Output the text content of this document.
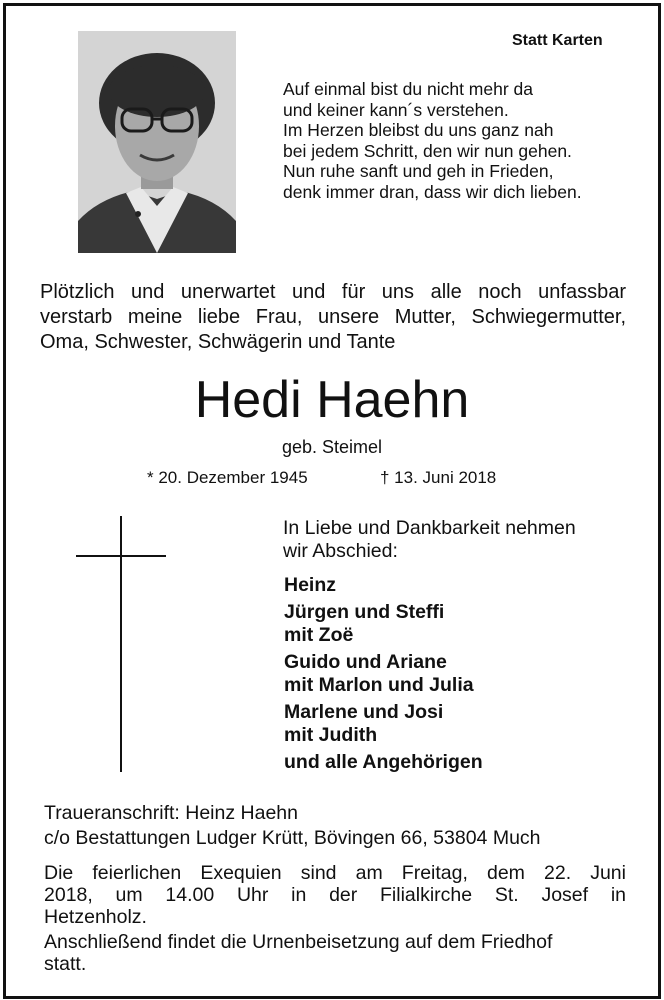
Statt Karten
Auf einmal bist du nicht mehr da
und keiner kann´s verstehen.
Im Herzen bleibst du uns ganz nah
bei jedem Schritt, den wir nun gehen.
Nun ruhe sanft und geh in Frieden,
denk immer dran, dass wir dich lieben.
Plötzlich und unerwartet und für uns alle noch unfassbar
verstarb meine liebe Frau, unsere Mutter, Schwiegermutter,
Oma, Schwester, Schwägerin und Tante
Hedi Haehn
geb. Steimel
* 20. Dezember 1945	† 13. Juni 2018
In Liebe und Dankbarkeit nehmen
wir Abschied:
Heinz
Jürgen und Steffi
mit Zoë
Guido und Ariane
mit Marlon und Julia
Marlene und Josi
mit Judith
und alle Angehörigen
Traueranschrift: Heinz Haehn
c/o Bestattungen Ludger Krütt, Bövingen 66, 53804 Much
Die feierlichen Exequien sind am Freitag, dem 22. Juni
2018, um 14.00 Uhr in der Filialkirche St. Josef in
Hetzenholz.
Anschließend findet die Urnenbeisetzung auf dem Friedhof
statt.
